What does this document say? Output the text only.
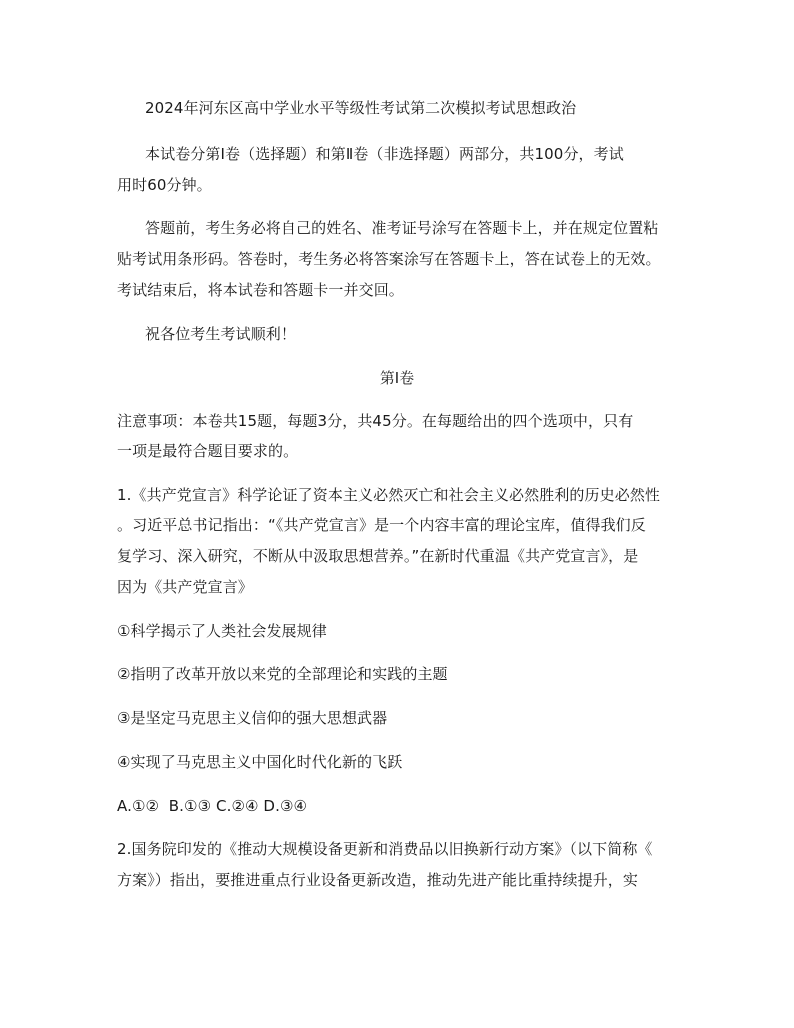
2024年河东区高中学业水平等级性考试第二次模拟考试思想政治
本试卷分第Ⅰ卷（选择题）和第Ⅱ卷（非选择题）两部分，共100分，考试
用时60分钟。
答题前，考生务必将自己的姓名、准考证号涂写在答题卡上，并在规定位置粘
贴考试用条形码。答卷时，考生务必将答案涂写在答题卡上，答在试卷上的无效。
考试结束后，将本试卷和答题卡一并交回。
祝各位考生考试顺利！
第Ⅰ卷
注意事项：本卷共15题，每题3分，共45分。在每题给出的四个选项中，只有
一项是最符合题目要求的。
1.《共产党宣言》科学论证了资本主义必然灭亡和社会主义必然胜利的历史必然性
。习近平总书记指出：“《共产党宣言》是一个内容丰富的理论宝库，值得我们反
复学习、深入研究，不断从中汲取思想营养。”在新时代重温《共产党宣言》，是
因为《共产党宣言》
①科学揭示了人类社会发展规律
②指明了改革开放以来党的全部理论和实践的主题
③是坚定马克思主义信仰的强大思想武器
④实现了马克思主义中国化时代化新的飞跃
A.①②  B.①③ C.②④ D.③④
2.国务院印发的《推动大规模设备更新和消费品以旧换新行动方案》（以下简称《
方案》）指出，要推进重点行业设备更新改造，推动先进产能比重持续提升，实
